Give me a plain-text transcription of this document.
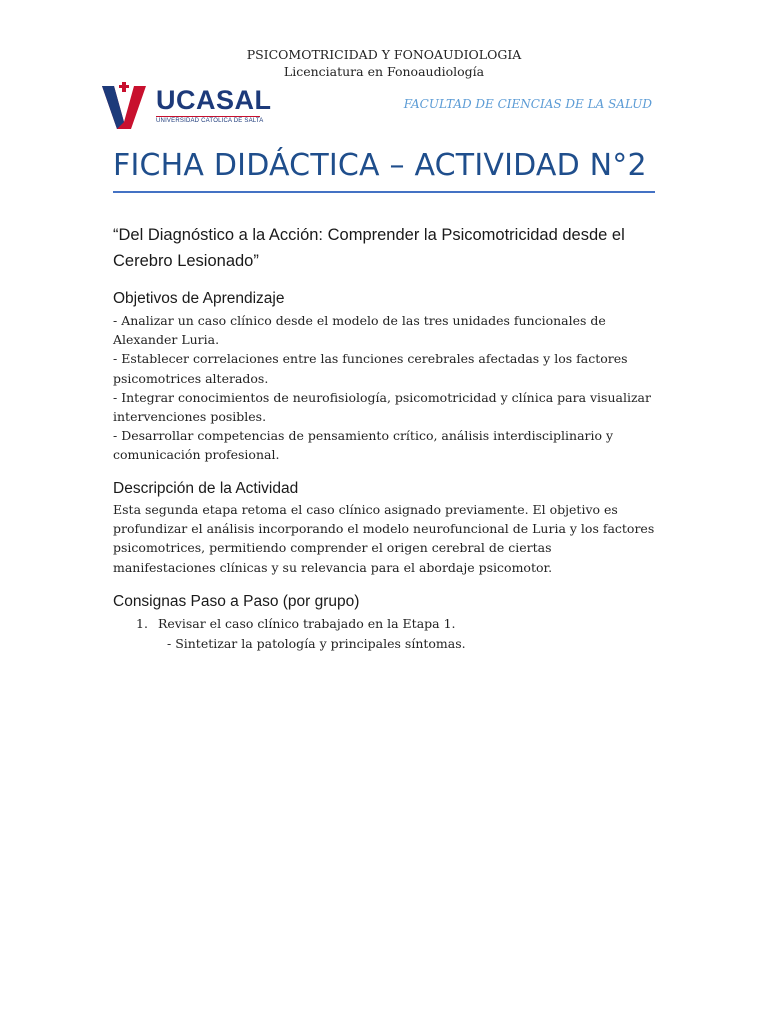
PSICOMOTRICIDAD Y FONOAUDIOLOGIA
Licenciatura en Fonoaudiología
UCASAL
UNIVERSIDAD CATÓLICA DE SALTA
FACULTAD DE CIENCIAS DE LA SALUD
FICHA DIDÁCTICA – ACTIVIDAD N°2
“Del Diagnóstico a la Acción: Comprender la Psicomotricidad desde el Cerebro Lesionado”
Objetivos de Aprendizaje
- Analizar un caso clínico desde el modelo de las tres unidades funcionales de Alexander Luria.
- Establecer correlaciones entre las funciones cerebrales afectadas y los factores psicomotrices alterados.
- Integrar conocimientos de neurofisiología, psicomotricidad y clínica para visualizar intervenciones posibles.
- Desarrollar competencias de pensamiento crítico, análisis interdisciplinario y comunicación profesional.
Descripción de la Actividad
Esta segunda etapa retoma el caso clínico asignado previamente. El objetivo es profundizar el análisis incorporando el modelo neurofuncional de Luria y los factores psicomotrices, permitiendo comprender el origen cerebral de ciertas manifestaciones clínicas y su relevancia para el abordaje psicomotor.
Consignas Paso a Paso (por grupo)
1. Revisar el caso clínico trabajado en la Etapa 1.
- Sintetizar la patología y principales síntomas.
